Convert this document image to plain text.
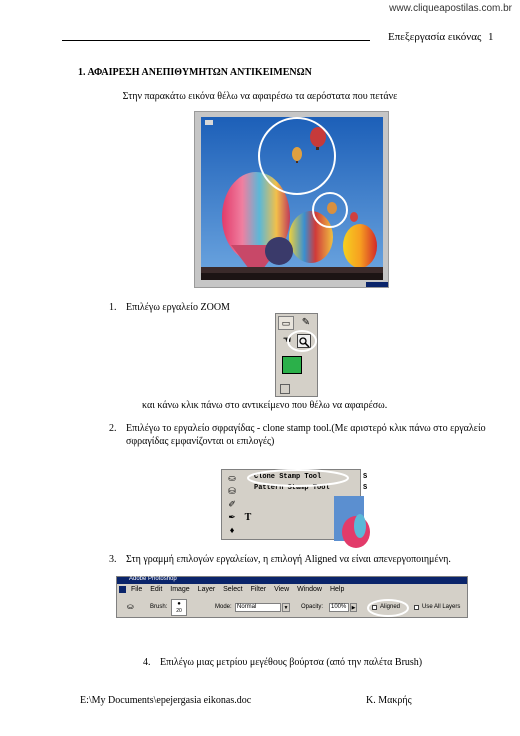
www.cliqueapostilas.com.br
Επεξεργασία εικόνας 1
1. ΑΦΑΙΡΕΣΗ ΑΝΕΠΙΘΥΜΗΤΩΝ ΑΝΤΙΚΕΙΜΕΝΩΝ
Στην παρακάτω εικόνα θέλω να αφαιρέσω τα αερόστατα που πετάνε
1. Επιλέγω εργαλείο ZOOM
▭	✎
☚
και κάνω κλικ πάνω στο αντικείμενο που θέλω να αφαιρέσω.
2. Επιλέγω το εργαλείο σφραγίδας - clone stamp tool.(Με αριστερό κλικ πάνω στο εργαλείο
σφραγίδας εμφανίζονται οι επιλογές)
⛀
⛁
✐
T
✒
♦
Clone Stamp Tool	S
Pattern Stamp Tool	S
3. Στη γραμμή επιλογών εργαλείων, η επιλογή Aligned να είναι απενεργοποιημένη.
Adobe Photoshop
File Edit Image Layer Select Filter View Window Help
⛀	Brush:	●
20
Mode: Normal	▼ Opacity:	100%	▶	Aligned	Use All Layers
4. Επιλέγω μιας μετρίου μεγέθους βούρτσα (από την παλέτα Brush)
E:\My Documents\epejergasia eikonas.doc	Κ. Μακρής
